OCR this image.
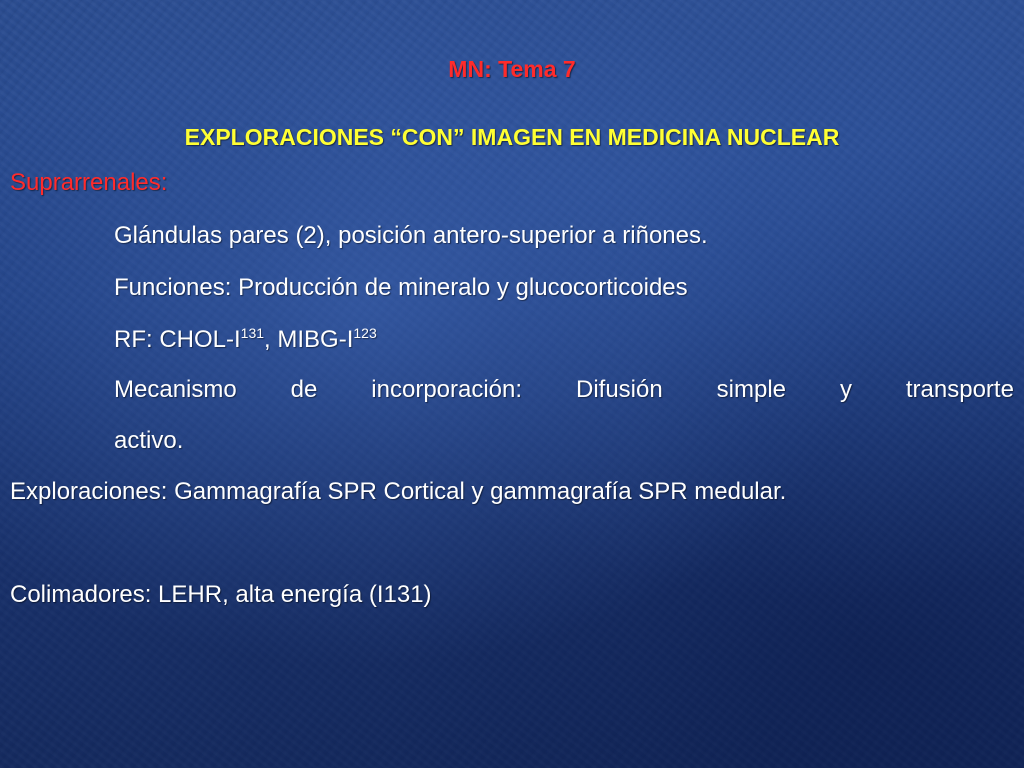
MN: Tema 7
EXPLORACIONES “CON” IMAGEN EN MEDICINA NUCLEAR
Suprarrenales:
Glándulas pares (2), posición antero-superior a riñones.
Funciones: Producción de mineralo y glucocorticoides
RF: CHOL-$I^{131}$, MIBG-$I^{123}$
Mecanismo de incorporación: Difusión simple y transporte
activo.
Exploraciones: Gammagrafía SPR Cortical y gammagrafía SPR medular.
Colimadores: LEHR, alta energía (I131)
